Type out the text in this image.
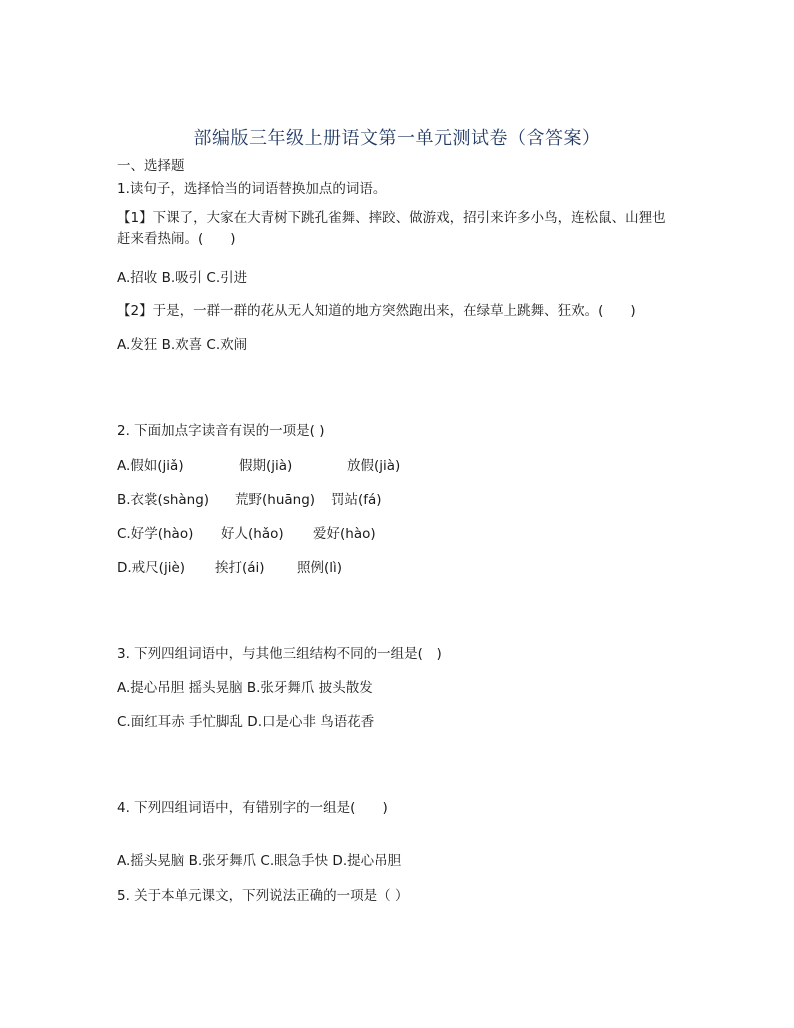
部编版三年级上册语文第一单元测试卷（含答案）
一、选择题
1.读句子，选择恰当的词语替换加点的词语。
【1】下课了，大家在大青树下跳孔雀舞、摔跤、做游戏，招引来许多小鸟，连松鼠、山狸也赶来看热闹。(　　)
A.招收 B.吸引 C.引进
【2】于是，一群一群的花从无人知道的地方突然跑出来，在绿草上跳舞、狂欢。(　　)
A.发狂 B.欢喜 C.欢闹
2. 下面加点字读音有误的一项是( )
A.假如(jiǎ)	假期(jià)	放假(jià)
B.衣裳(shàng) 荒野(huāng) 罚站(fá)
C.好学(hào) 好人(hǎo) 爱好(hào)
D.戒尺(jiè) 挨打(ái) 照例(lì)
3. 下列四组词语中，与其他三组结构不同的一组是(　)
A.提心吊胆 摇头晃脑 B.张牙舞爪 披头散发
C.面红耳赤 手忙脚乱 D.口是心非 鸟语花香
4. 下列四组词语中，有错别字的一组是(　　)
A.摇头晃脑 B.张牙舞爪 C.眼急手快 D.提心吊胆
5. 关于本单元课文，下列说法正确的一项是（ ）
